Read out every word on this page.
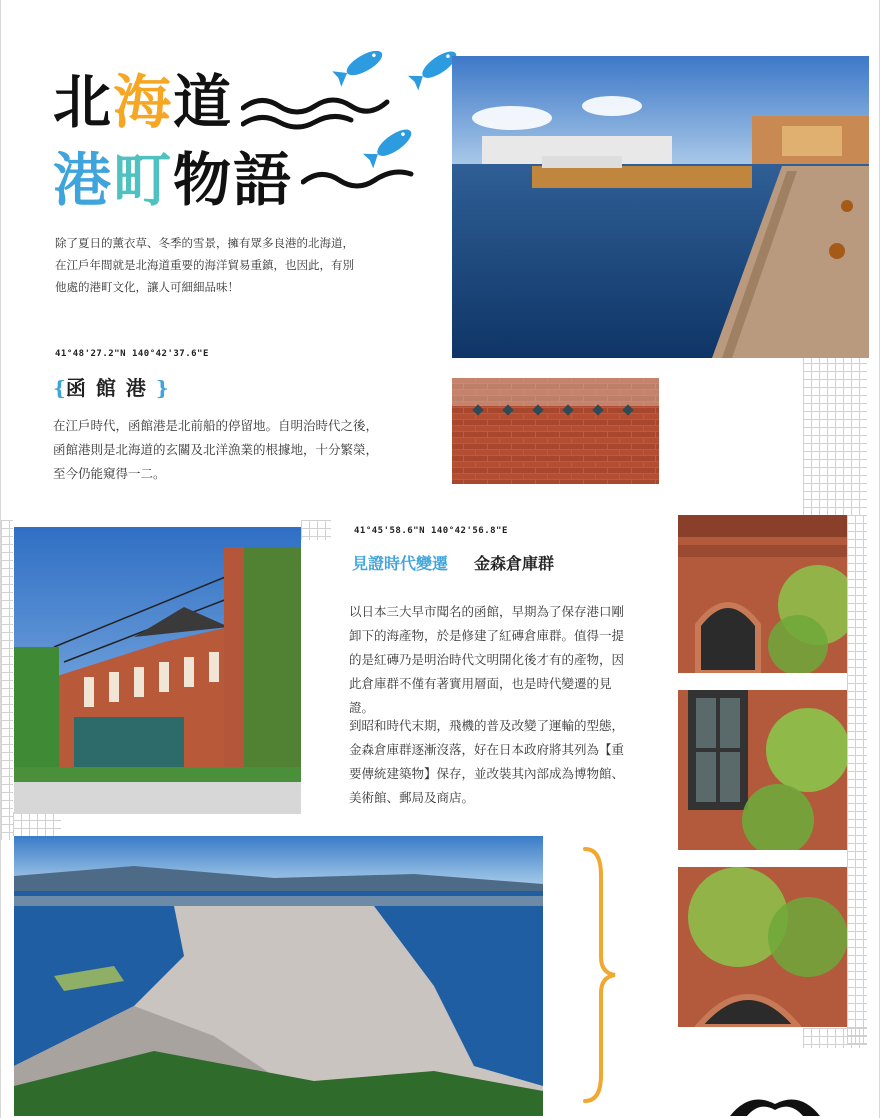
北海道
港町物語
除了夏日的薰衣草、冬季的雪景，擁有眾多良港的北海道，在江戶年間就是北海道重要的海洋貿易重鎮，也因此，有別他處的港町文化，讓人可細細品味！
41°48'27.2"N 140°42'37.6"E
{函館港}
在江戶時代，函館港是北前船的停留地。自明治時代之後，函館港則是北海道的玄關及北洋漁業的根據地，十分繁榮，至今仍能窺得一二。
41°45'58.6"N 140°42'56.8"E
見證時代變遷 金森倉庫群
以日本三大早市聞名的函館，早期為了保存港口剛卸下的海產物，於是修建了紅磚倉庫群。值得一提的是紅磚乃是明治時代文明開化後才有的產物，因此倉庫群不僅有著實用層面，也是時代變遷的見證。
到昭和時代末期，飛機的普及改變了運輸的型態，金森倉庫群逐漸沒落，好在日本政府將其列為【重要傳統建築物】保存，並改裝其內部成為博物館、美術館、郵局及商店。
